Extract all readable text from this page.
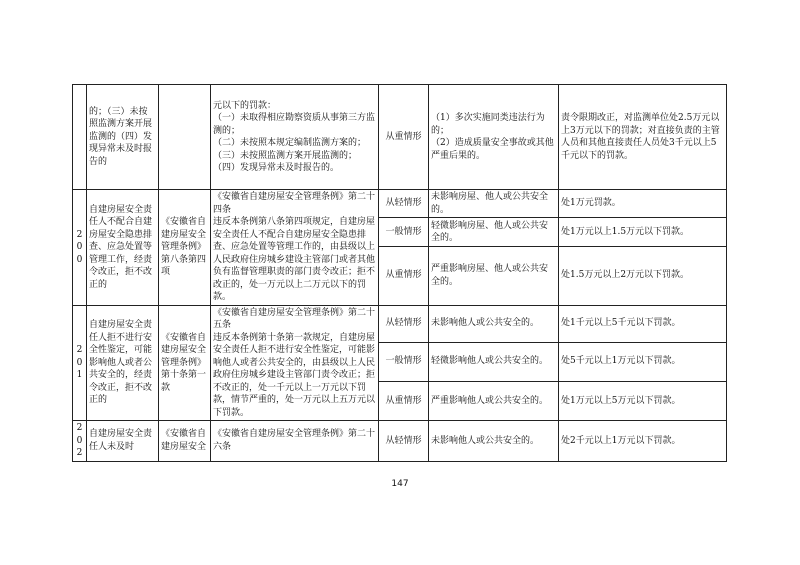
	的；（三）未按照监测方案开展监测的（四）发现异常未及时报告的		元以下的罚款：
（一）未取得相应勘察资质从事第三方监测的；
（二）未按照本规定编制监测方案的；
（三）未按照监测方案开展监测的；
（四）发现异常未及时报告的。	从重情形	（1）多次实施同类违法行为的；
（2）造成质量安全事故或其他严重后果的。	责令限期改正，对监测单位处2.5万元以上3万元以下的罚款；对直接负责的主管人员和其他直接责任人员处3千元以上5千元以下的罚款。
200	自建房屋安全责任人不配合自建房屋安全隐患排查、应急处置等管理工作，经责令改正，拒不改正的	《安徽省自建房屋安全管理条例》第八条第四项	《安徽省自建房屋安全管理条例》第二十四条
违反本条例第八条第四项规定，自建房屋安全责任人不配合自建房屋安全隐患排查、应急处置等管理工作的，由县级以上人民政府住房城乡建设主管部门或者其他负有监督管理职责的部门责令改正；拒不改正的，处一万元以上二万元以下的罚款。	从轻情形	未影响房屋、他人或公共安全的。	处1万元罚款。
				一般情形	轻微影响房屋、他人或公共安全的。	处1万元以上1.5万元以下罚款。
				从重情形	严重影响房屋、他人或公共安全的。	处1.5万元以上2万元以下罚款。
201	自建房屋安全责任人拒不进行安全性鉴定，可能影响他人或者公共安全的，经责令改正，拒不改正的	《安徽省自建房屋安全管理条例》第十条第一款	《安徽省自建房屋安全管理条例》第二十五条
违反本条例第十条第一款规定，自建房屋安全责任人拒不进行安全性鉴定，可能影响他人或者公共安全的，由县级以上人民政府住房城乡建设主管部门责令改正；拒不改正的，处一千元以上一万元以下罚款，情节严重的，处一万元以上五万元以下罚款。	从轻情形	未影响他人或公共安全的。	处1千元以上5千元以下罚款。
				一般情形	轻微影响他人或公共安全的。	处5千元以上1万元以下罚款。
				从重情形	严重影响他人或公共安全的。	处1万元以上5万元以下罚款。
202	自建房屋安全责任人未及时	《安徽省自建房屋安全	《安徽省自建房屋安全管理条例》第二十六条	从轻情形	未影响他人或公共安全的。	处2千元以上1万元以下罚款。
147
